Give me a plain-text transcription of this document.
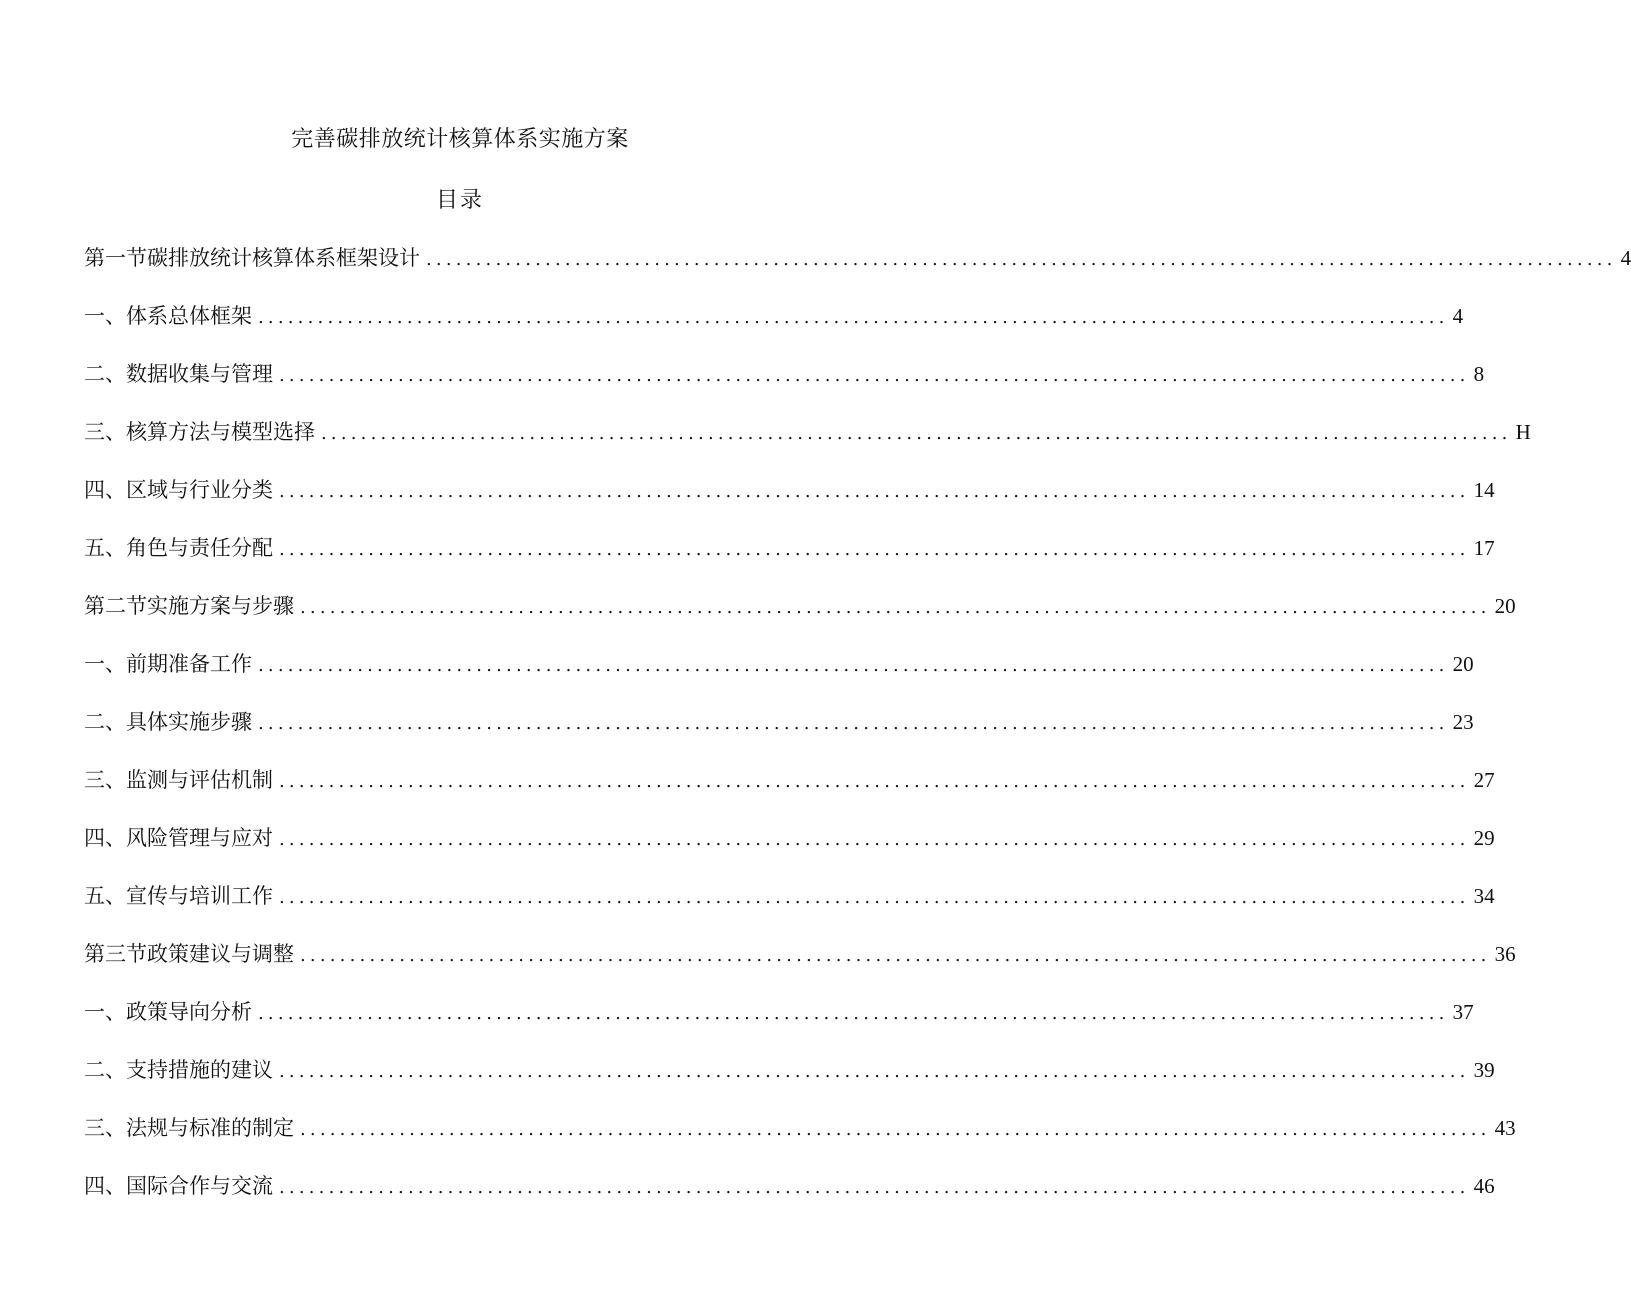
完善碳排放统计核算体系实施方案
目录
第一节碳排放统计核算体系框架设计 ........................................................................................................................ 4
一、体系总体框架 ........................................................................................................................ 4
二、数据收集与管理 ........................................................................................................................ 8
三、核算方法与模型选择 ........................................................................................................................ H
四、区域与行业分类 ........................................................................................................................ 14
五、角色与责任分配 ........................................................................................................................ 17
第二节实施方案与步骤 ........................................................................................................................ 20
一、前期准备工作 ........................................................................................................................ 20
二、具体实施步骤 ........................................................................................................................ 23
三、监测与评估机制 ........................................................................................................................ 27
四、风险管理与应对 ........................................................................................................................ 29
五、宣传与培训工作 ........................................................................................................................ 34
第三节政策建议与调整 ........................................................................................................................ 36
一、政策导向分析 ........................................................................................................................ 37
二、支持措施的建议 ........................................................................................................................ 39
三、法规与标准的制定 ........................................................................................................................ 43
四、国际合作与交流 ........................................................................................................................ 46
